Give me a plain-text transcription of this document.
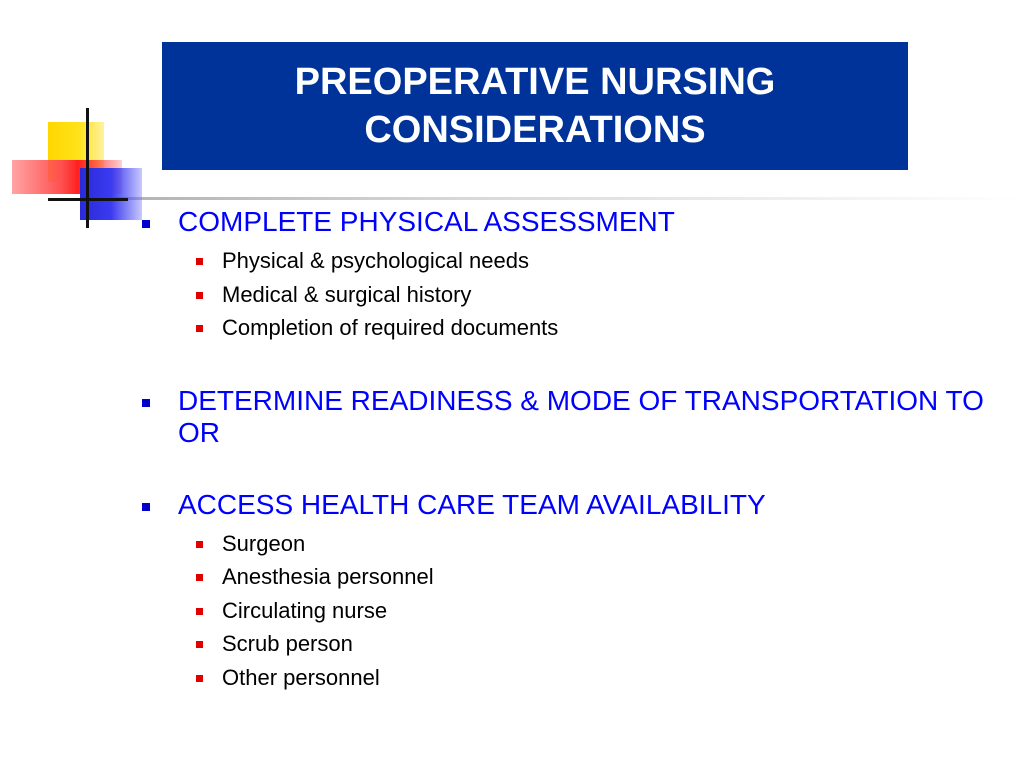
PREOPERATIVE NURSING
CONSIDERATIONS
COMPLETE PHYSICAL ASSESSMENT
Physical & psychological needs
Medical & surgical history
Completion of required documents
DETERMINE READINESS & MODE OF TRANSPORTATION TO OR
ACCESS HEALTH CARE TEAM AVAILABILITY
Surgeon
Anesthesia personnel
Circulating nurse
Scrub person
Other personnel
